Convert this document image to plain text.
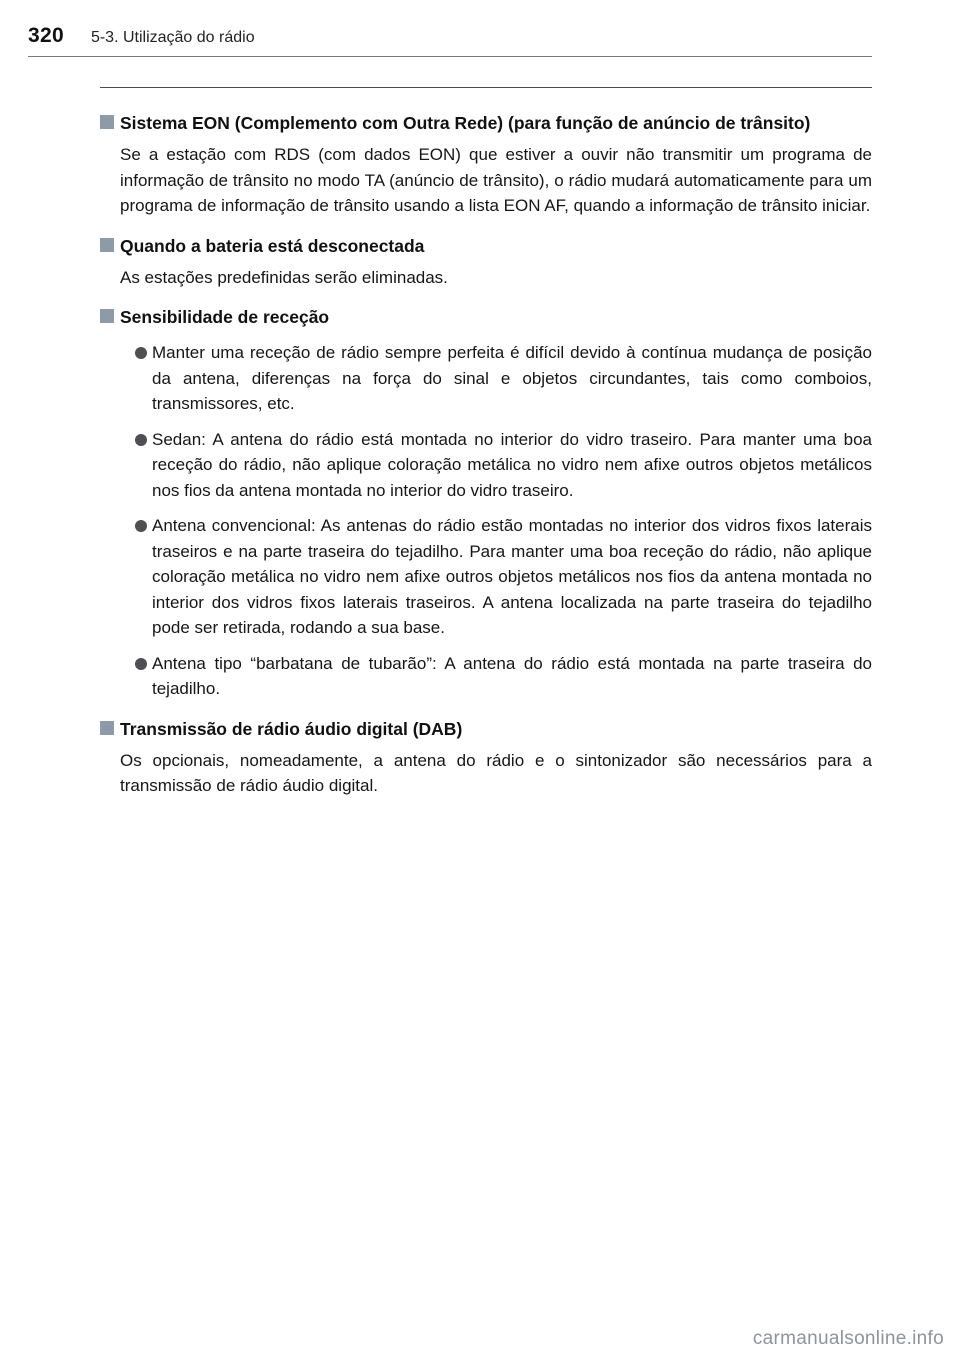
320 5-3. Utilização do rádio
Sistema EON (Complemento com Outra Rede) (para função de anúncio de trânsito)

Se a estação com RDS (com dados EON) que estiver a ouvir não transmitir um programa de informação de trânsito no modo TA (anúncio de trânsito), o rádio mudará automaticamente para um programa de informação de trânsito usando a lista EON AF, quando a informação de trânsito iniciar.

Quando a bateria está desconectada

As estações predefinidas serão eliminadas.

Sensibilidade de receção

Manter uma receção de rádio sempre perfeita é difícil devido à contínua mudança de posição da antena, diferenças na força do sinal e objetos circundantes, tais como comboios, transmissores, etc.

Sedan: A antena do rádio está montada no interior do vidro traseiro. Para manter uma boa receção do rádio, não aplique coloração metálica no vidro nem afixe outros objetos metálicos nos fios da antena montada no interior do vidro traseiro.

Antena convencional: As antenas do rádio estão montadas no interior dos vidros fixos laterais traseiros e na parte traseira do tejadilho. Para manter uma boa receção do rádio, não aplique coloração metálica no vidro nem afixe outros objetos metálicos nos fios da antena montada no interior dos vidros fixos laterais traseiros. A antena localizada na parte traseira do tejadilho pode ser retirada, rodando a sua base.

Antena tipo “barbatana de tubarão”: A antena do rádio está montada na parte traseira do tejadilho.

Transmissão de rádio áudio digital (DAB)

Os opcionais, nomeadamente, a antena do rádio e o sintonizador são necessários para a transmissão de rádio áudio digital.

carmanualsonline.info
